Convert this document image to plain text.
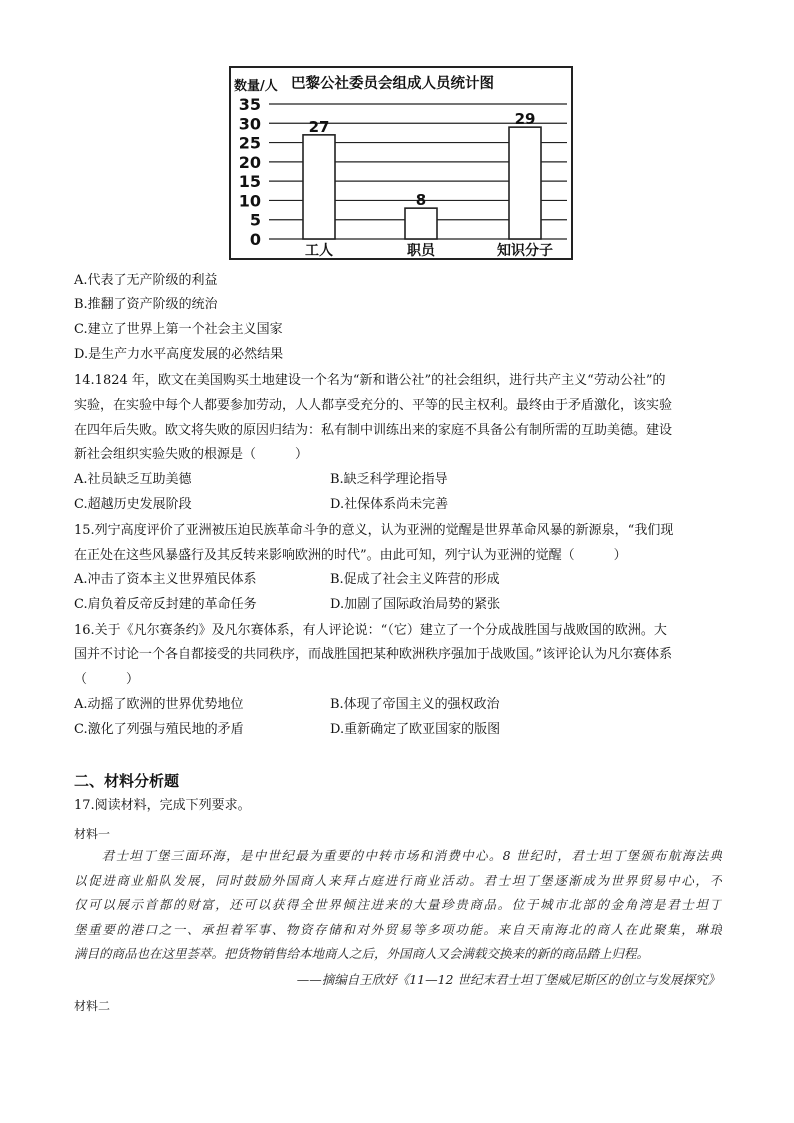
数量/人 巴黎公社委员会组成人员统计图
35
30
25
20
15
10
5
0
27
8
29
工人	职员	知识分子
A.代表了无产阶级的利益
B.推翻了资产阶级的统治
C.建立了世界上第一个社会主义国家
D.是生产力水平高度发展的必然结果
14.1824 年，欧文在美国购买土地建设一个名为“新和谐公社”的社会组织，进行共产主义“劳动公社”的
实验，在实验中每个人都要参加劳动，人人都享受充分的、平等的民主权利。最终由于矛盾激化，该实验
在四年后失败。欧文将失败的原因归结为：私有制中训练出来的家庭不具备公有制所需的互助美德。建设
新社会组织实验失败的根源是（　　　）
A.社员缺乏互助美德	B.缺乏科学理论指导
C.超越历史发展阶段	D.社保体系尚未完善
15.列宁高度评价了亚洲被压迫民族革命斗争的意义，认为亚洲的觉醒是世界革命风暴的新源泉，“我们现
在正处在这些风暴盛行及其反转来影响欧洲的时代”。由此可知，列宁认为亚洲的觉醒（　　　）
A.冲击了资本主义世界殖民体系	B.促成了社会主义阵营的形成
C.肩负着反帝反封建的革命任务	D.加剧了国际政治局势的紧张
16.关于《凡尔赛条约》及凡尔赛体系，有人评论说：“（它）建立了一个分成战胜国与战败国的欧洲。大
国并不讨论一个各自都接受的共同秩序，而战胜国把某种欧洲秩序强加于战败国。”该评论认为凡尔赛体系
（　　　）
A.动摇了欧洲的世界优势地位	B.体现了帝国主义的强权政治
C.激化了列强与殖民地的矛盾	D.重新确定了欧亚国家的版图
二、材料分析题
17.阅读材料，完成下列要求。
材料一
　　君士坦丁堡三面环海，是中世纪最为重要的中转市场和消费中心。8 世纪时，君士坦丁堡颁布航海法典
以促进商业船队发展，同时鼓励外国商人来拜占庭进行商业活动。君士坦丁堡逐渐成为世界贸易中心，不
仅可以展示首都的财富，还可以获得全世界倾注进来的大量珍贵商品。位于城市北部的金角湾是君士坦丁
堡重要的港口之一、承担着军事、物资存储和对外贸易等多项功能。来自天南海北的商人在此聚集，琳琅
满目的商品也在这里荟萃。把货物销售给本地商人之后，外国商人又会满载交换来的新的商品踏上归程。
——摘编自王欣妤《11—12 世纪末君士坦丁堡威尼斯区的创立与发展探究》
材料二
